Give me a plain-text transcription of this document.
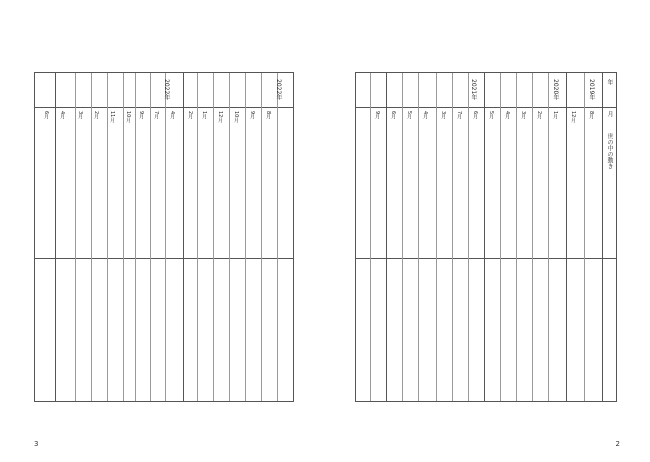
2022年	2022年
6月 4月 3月 2月 11月 10月 9月 7月 4月 2月 1月 12月 10月 9月 8月
3
年
月
世の中の動き
2019年
2020年
2021年
8月
12月
1月
2月
3月
4月
5月
6月
7月
3月
4月
5月
6月
9月
2
